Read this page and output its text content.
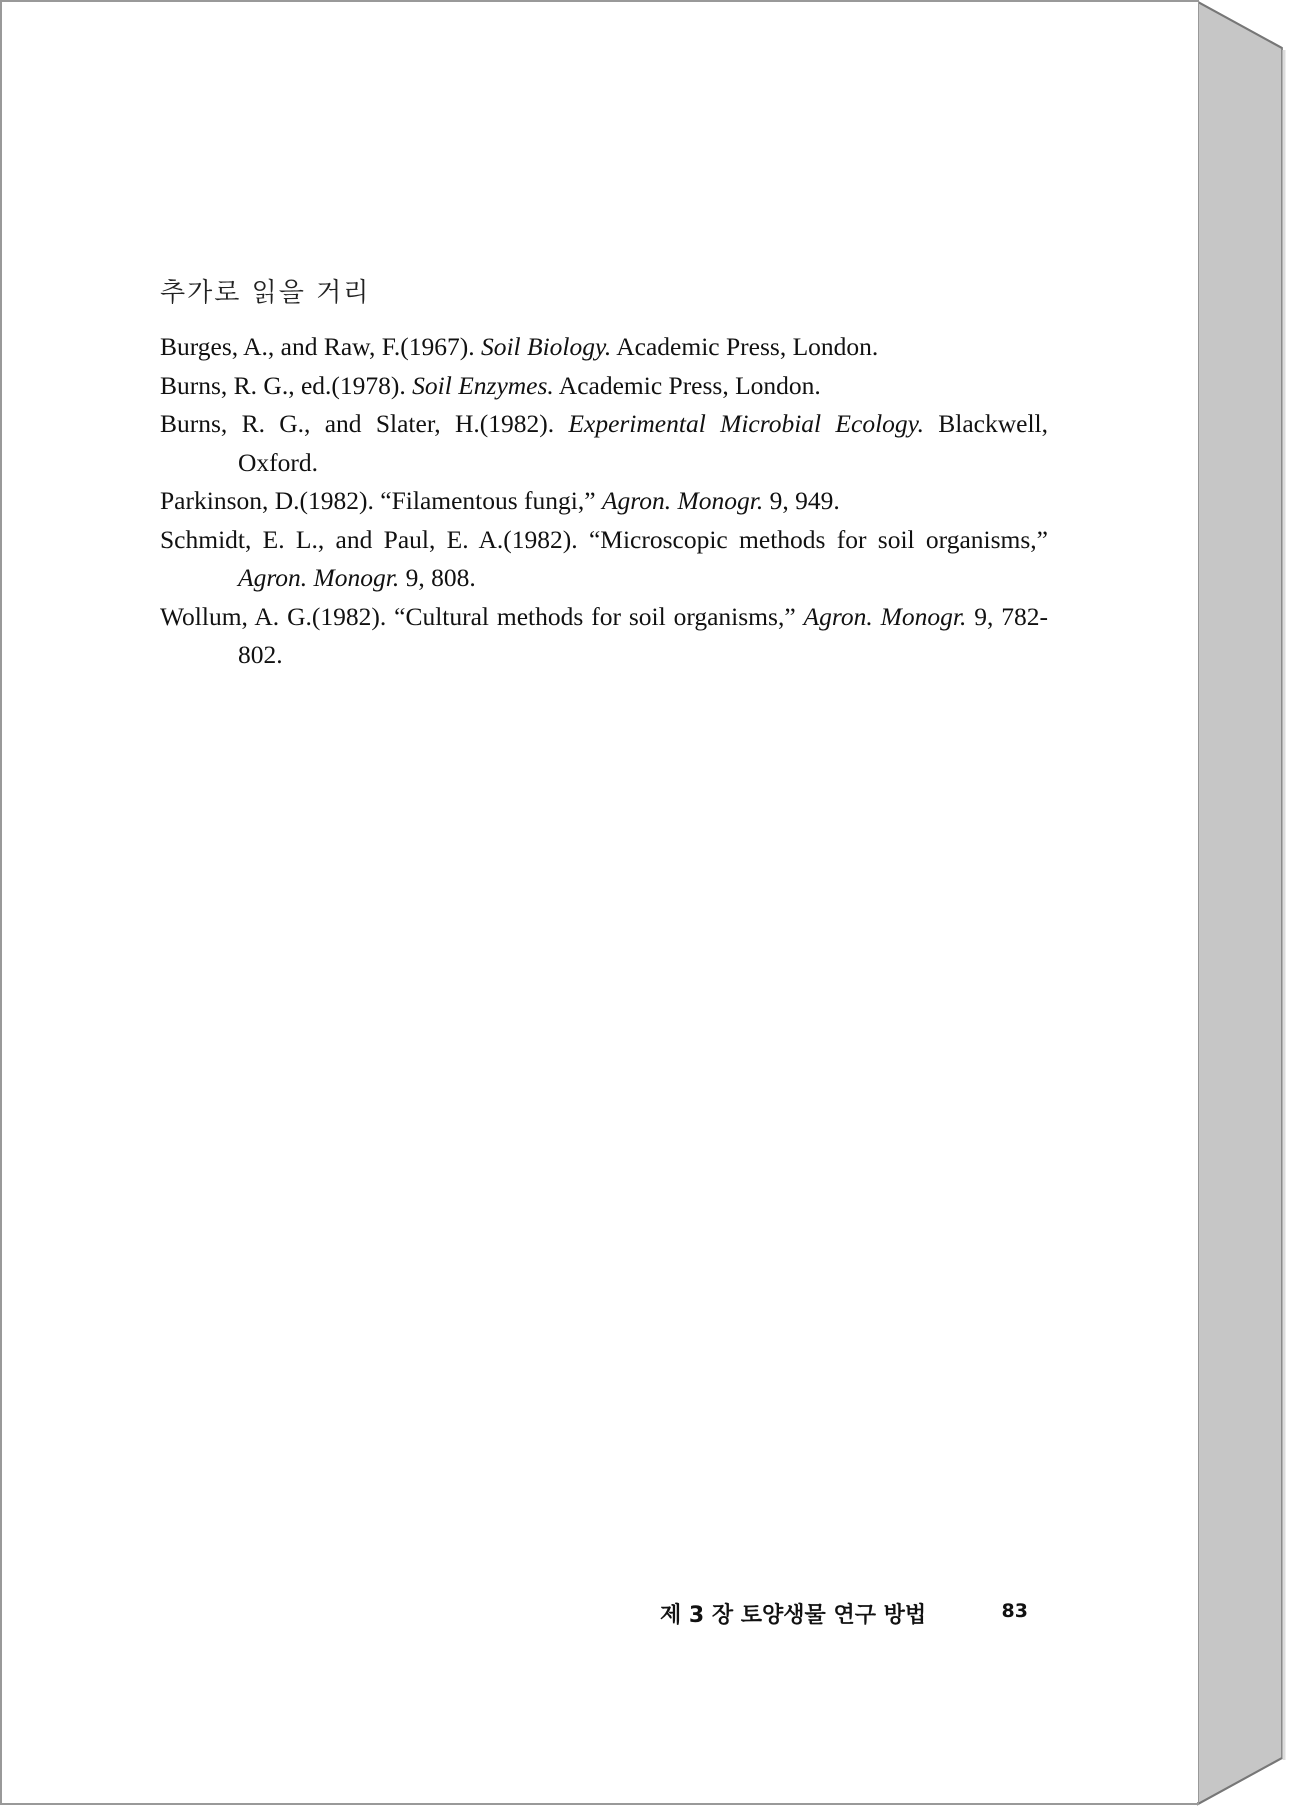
추가로 읽을 거리
Burges, A., and Raw, F.(1967). Soil Biology. Academic Press, London.
Burns, R. G., ed.(1978). Soil Enzymes. Academic Press, London.
Burns, R. G., and Slater, H.(1982). Experimental Microbial Ecology. Blackwell, Oxford.
Parkinson, D.(1982). “Filamentous fungi,” Agron. Monogr. 9, 949.
Schmidt, E. L., and Paul, E. A.(1982). “Microscopic methods for soil organisms,” Agron. Monogr. 9, 808.
Wollum, A. G.(1982). “Cultural methods for soil organisms,” Agron. Monogr. 9, 782-802.
제 3 장 토양생물 연구 방법	83
